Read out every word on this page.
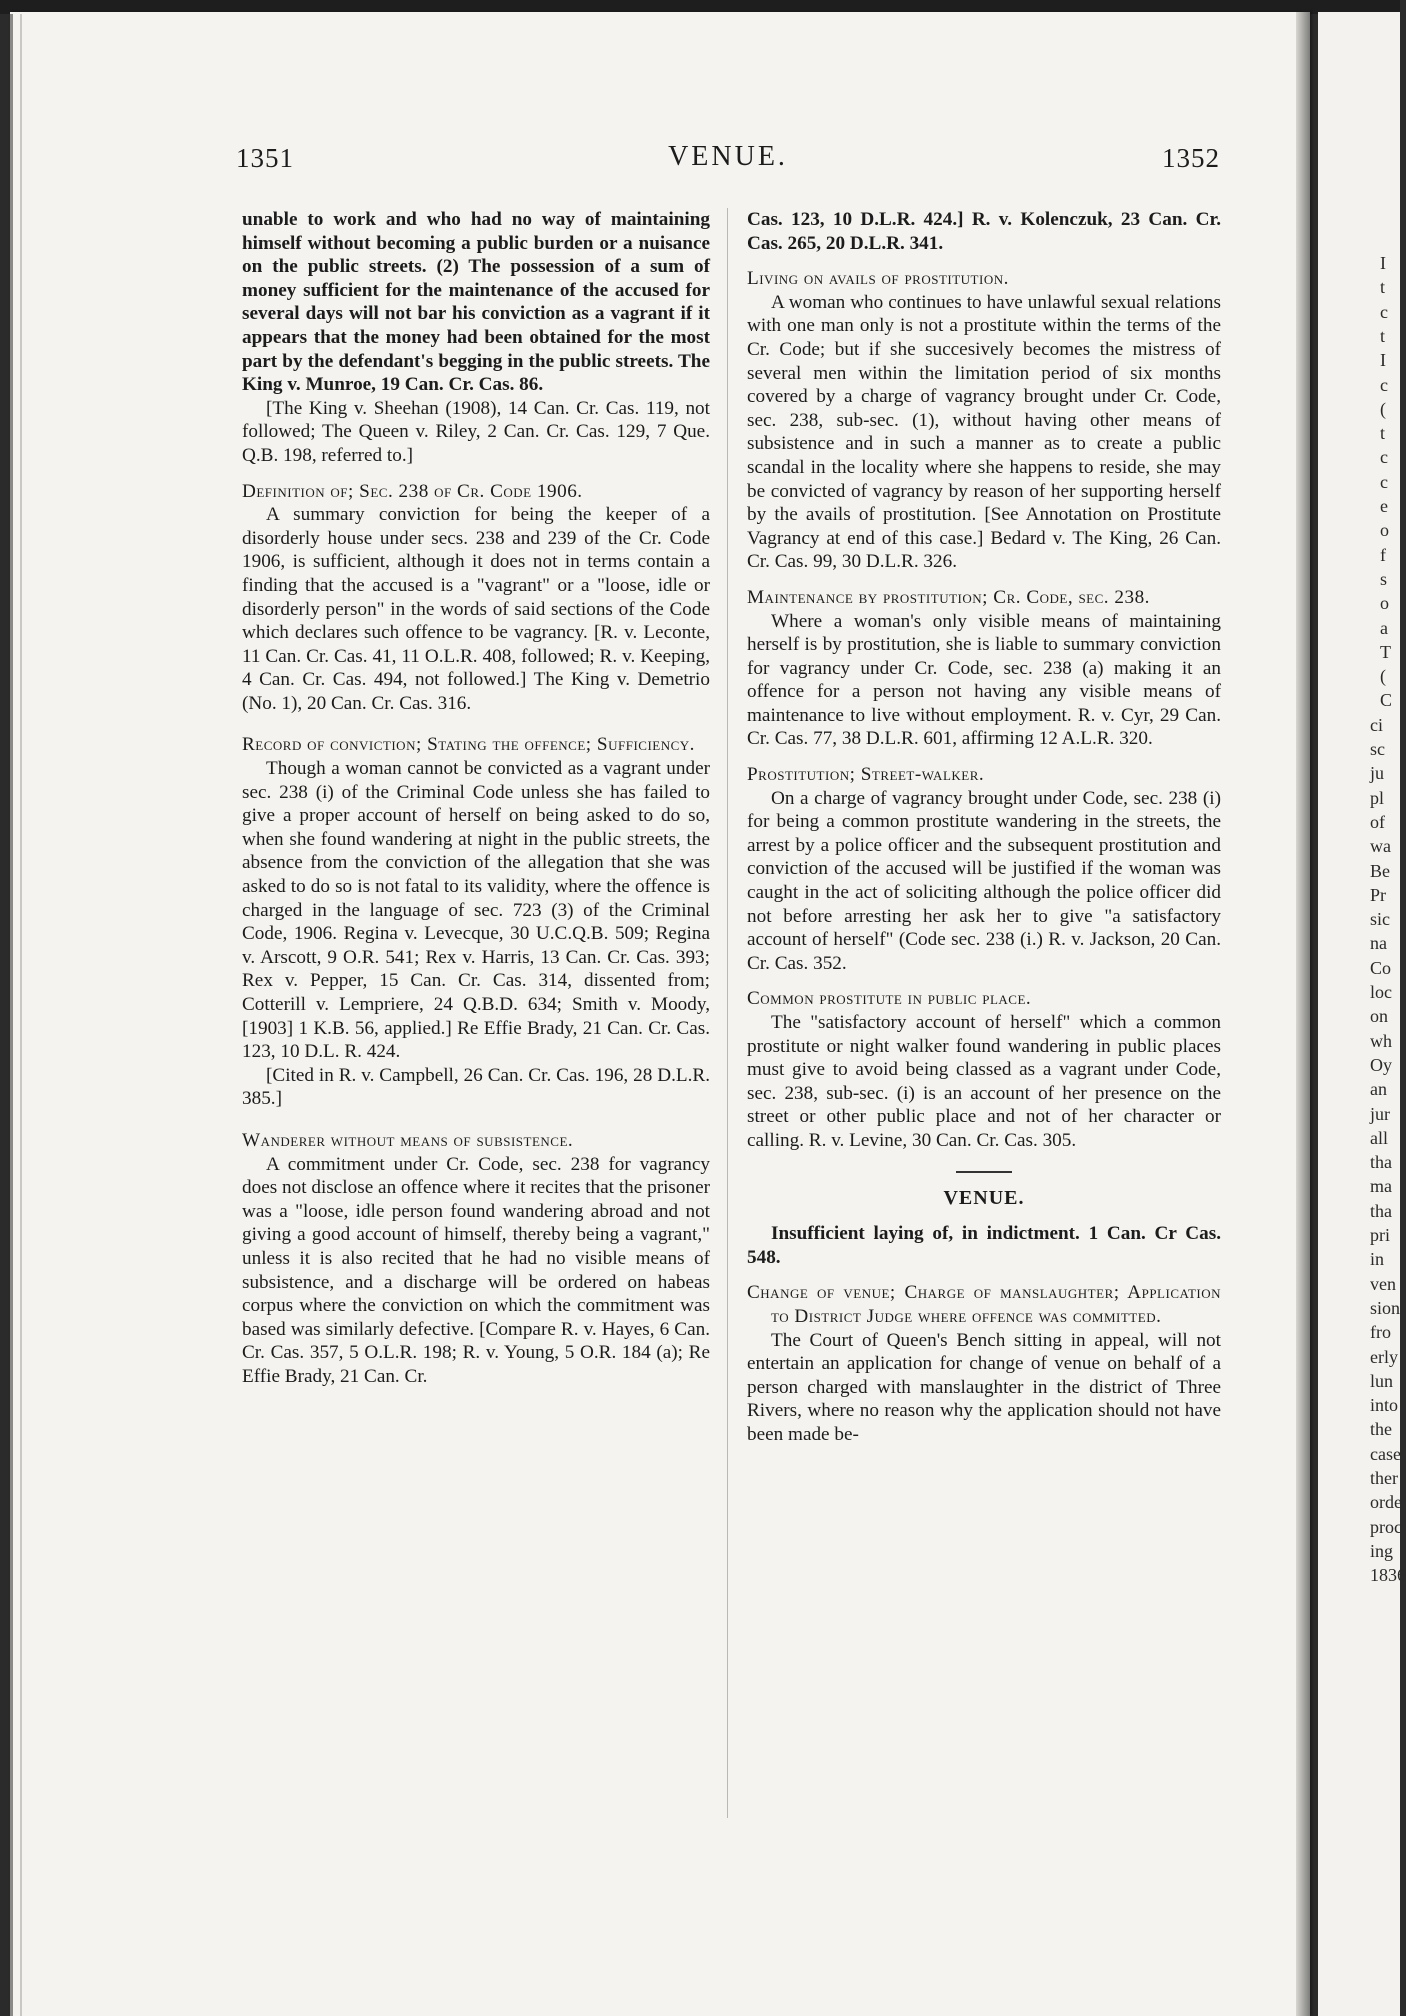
I
t
c
t
I
c
(
t
c
c
e
o
f
s
o
a
T
(
C
ci
sc
ju
pl
of
wa
Be
Pr
sic
na
Co
loc
on
wh
Oy
an
jur
all
tha
ma
tha
pri
in
ven
sion
fro
erly
lun
into
the
case
ther
orde
proc
ing
1836
1351	VENUE.	1352

unable to work and who had no way of maintaining himself without becoming a public burden or a nuisance on the public streets. (2) The possession of a sum of money sufficient for the maintenance of the accused for several days will not bar his conviction as a vagrant if it appears that the money had been obtained for the most part by the defendant's begging in the public streets. The King v. Munroe, 19 Can. Cr. Cas. 86.

[The King v. Sheehan (1908), 14 Can. Cr. Cas. 119, not followed; The Queen v. Riley, 2 Can. Cr. Cas. 129, 7 Que. Q.B. 198, referred to.]

Definition of; Sec. 238 of Cr. Code 1906.

A summary conviction for being the keeper of a disorderly house under secs. 238 and 239 of the Cr. Code 1906, is sufficient, although it does not in terms contain a finding that the accused is a "vagrant" or a "loose, idle or disorderly person" in the words of said sections of the Code which declares such offence to be vagrancy. [R. v. Leconte, 11 Can. Cr. Cas. 41, 11 O.L.R. 408, followed; R. v. Keeping, 4 Can. Cr. Cas. 494, not followed.] The King v. Demetrio (No. 1), 20 Can. Cr. Cas. 316.

Record of conviction; Stating the offence; Sufficiency.

Though a woman cannot be convicted as a vagrant under sec. 238 (i) of the Criminal Code unless she has failed to give a proper account of herself on being asked to do so, when she found wandering at night in the public streets, the absence from the conviction of the allegation that she was asked to do so is not fatal to its validity, where the offence is charged in the language of sec. 723 (3) of the Criminal Code, 1906. Regina v. Levecque, 30 U.C.Q.B. 509; Regina v. Arscott, 9 O.R. 541; Rex v. Harris, 13 Can. Cr. Cas. 393; Rex v. Pepper, 15 Can. Cr. Cas. 314, dissented from; Cotterill v. Lempriere, 24 Q.B.D. 634; Smith v. Moody, [1903] 1 K.B. 56, applied.] Re Effie Brady, 21 Can. Cr. Cas. 123, 10 D.L. R. 424.

[Cited in R. v. Campbell, 26 Can. Cr. Cas. 196, 28 D.L.R. 385.]

Wanderer without means of subsistence.

A commitment under Cr. Code, sec. 238 for vagrancy does not disclose an offence where it recites that the prisoner was a "loose, idle person found wandering abroad and not giving a good account of himself, thereby being a vagrant," unless it is also recited that he had no visible means of subsistence, and a discharge will be ordered on habeas corpus where the conviction on which the commitment was based was similarly defective. [Compare R. v. Hayes, 6 Can. Cr. Cas. 357, 5 O.L.R. 198; R. v. Young, 5 O.R. 184 (a); Re Effie Brady, 21 Can. Cr.

Cas. 123, 10 D.L.R. 424.] R. v. Kolenczuk, 23 Can. Cr. Cas. 265, 20 D.L.R. 341.

Living on avails of prostitution.

A woman who continues to have unlawful sexual relations with one man only is not a prostitute within the terms of the Cr. Code; but if she succesively becomes the mistress of several men within the limitation period of six months covered by a charge of vagrancy brought under Cr. Code, sec. 238, sub-sec. (1), without having other means of subsistence and in such a manner as to create a public scandal in the locality where she happens to reside, she may be convicted of vagrancy by reason of her supporting herself by the avails of prostitution. [See Annotation on Prostitute Vagrancy at end of this case.] Bedard v. The King, 26 Can. Cr. Cas. 99, 30 D.L.R. 326.

Maintenance by prostitution; Cr. Code, sec. 238.

Where a woman's only visible means of maintaining herself is by prostitution, she is liable to summary conviction for vagrancy under Cr. Code, sec. 238 (a) making it an offence for a person not having any visible means of maintenance to live without employment. R. v. Cyr, 29 Can. Cr. Cas. 77, 38 D.L.R. 601, affirming 12 A.L.R. 320.

Prostitution; Street-walker.

On a charge of vagrancy brought under Code, sec. 238 (i) for being a common prostitute wandering in the streets, the arrest by a police officer and the subsequent prostitution and conviction of the accused will be justified if the woman was caught in the act of soliciting although the police officer did not before arresting her ask her to give "a satisfactory account of herself" (Code sec. 238 (i.) R. v. Jackson, 20 Can. Cr. Cas. 352.

Common prostitute in public place.

The "satisfactory account of herself" which a common prostitute or night walker found wandering in public places must give to avoid being classed as a vagrant under Code, sec. 238, sub-sec. (i) is an account of her presence on the street or other public place and not of her character or calling. R. v. Levine, 30 Can. Cr. Cas. 305.

VENUE.

Insufficient laying of, in indictment. 1 Can. Cr Cas. 548.

Change of venue; Charge of manslaughter; Application to District Judge where offence was committed.

The Court of Queen's Bench sitting in appeal, will not entertain an application for change of venue on behalf of a person charged with manslaughter in the district of Three Rivers, where no reason why the application should not have been made be-
